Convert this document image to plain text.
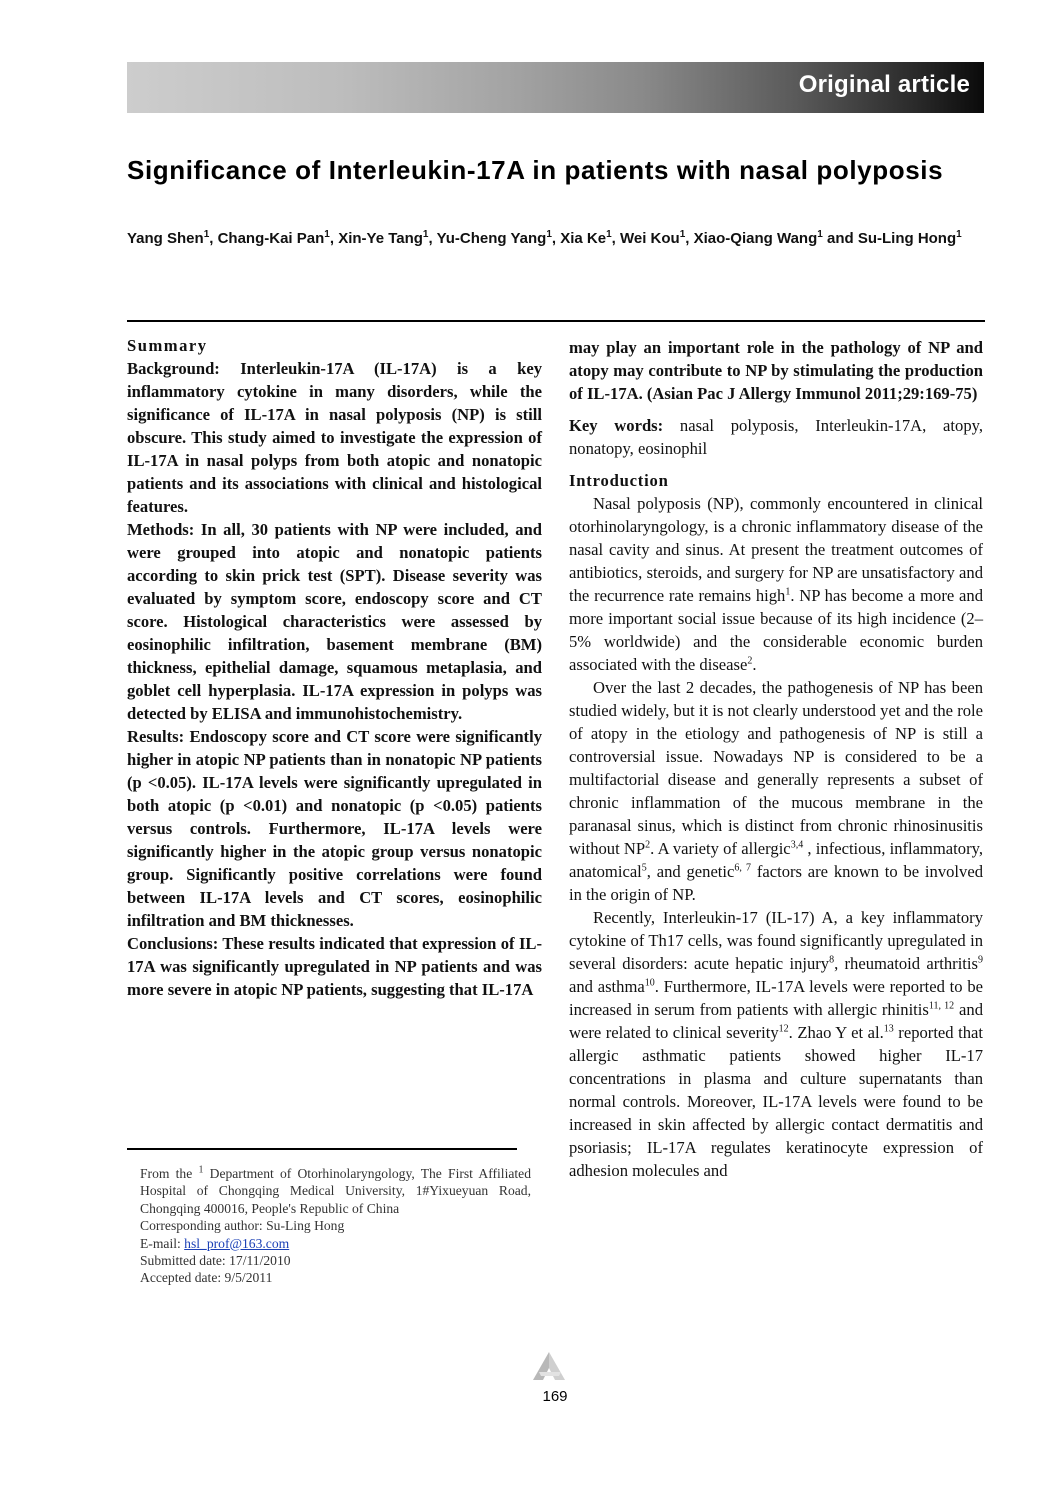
Original article
Significance of Interleukin-17A in patients with nasal polyposis
Yang Shen$^1$, Chang-Kai Pan$^1$, Xin-Ye Tang$^1$, Yu-Cheng Yang$^1$, Xia Ke$^1$, Wei Kou$^1$, Xiao-Qiang Wang$^1$ and Su-Ling Hong$^1$
Summary

Background: Interleukin-17A (IL-17A) is a key inflammatory cytokine in many disorders, while the significance of IL-17A in nasal polyposis (NP) is still obscure. This study aimed to investigate the expression of IL-17A in nasal polyps from both atopic and nonatopic patients and its associations with clinical and histological features.

Methods: In all, 30 patients with NP were included, and were grouped into atopic and nonatopic patients according to skin prick test (SPT). Disease severity was evaluated by symptom score, endoscopy score and CT score. Histological characteristics were assessed by eosinophilic infiltration, basement membrane (BM) thickness, epithelial damage, squamous metaplasia, and goblet cell hyperplasia. IL-17A expression in polyps was detected by ELISA and immunohistochemistry.

Results: Endoscopy score and CT score were significantly higher in atopic NP patients than in nonatopic NP patients (p <0.05). IL-17A levels were significantly upregulated in both atopic (p <0.01) and nonatopic (p <0.05) patients versus controls. Furthermore, IL-17A levels were significantly higher in the atopic group versus nonatopic group. Significantly positive correlations were found between IL-17A levels and CT scores, eosinophilic infiltration and BM thicknesses.

Conclusions: These results indicated that expression of IL-17A was significantly upregulated in NP patients and was more severe in atopic NP patients, suggesting that IL-17A

may play an important role in the pathology of NP and atopy may contribute to NP by stimulating the production of IL-17A. (Asian Pac J Allergy Immunol 2011;29:169-75)

Key words: nasal polyposis, Interleukin-17A, atopy, nonatopy, eosinophil

Introduction

Nasal polyposis (NP), commonly encountered in clinical otorhinolaryngology, is a chronic inflammatory disease of the nasal cavity and sinus. At present the treatment outcomes of antibiotics, steroids, and surgery for NP are unsatisfactory and the recurrence rate remains high$^1$. NP has become a more and more important social issue because of its high incidence (2–5% worldwide) and the considerable economic burden associated with the disease$^2$.

Over the last 2 decades, the pathogenesis of NP has been studied widely, but it is not clearly understood yet and the role of atopy in the etiology and pathogenesis of NP is still a controversial issue. Nowadays NP is considered to be a multifactorial disease and generally represents a subset of chronic inflammation of the mucous membrane in the paranasal sinus, which is distinct from chronic rhinosinusitis without $NP^2$. A variety of allergic$^{3,4}$ , infectious, inflammatory, anatomical$^5$, and genetic$^{6, 7}$ factors are known to be involved in the origin of NP.

Recently, Interleukin-17 (IL-17) A, a key inflammatory cytokine of Th17 cells, was found significantly upregulated in several disorders: acute hepatic injury$^8$, rheumatoid arthritis$^9$ and asthma$^{10}$. Furthermore, IL-17A levels were reported to be increased in serum from patients with allergic rhinitis$^{11, 12}$ and were related to clinical severity$^{12}$. Zhao Y et al.$^{13}$ reported that allergic asthmatic patients showed higher IL-17 concentrations in plasma and culture supernatants than normal controls. Moreover, IL-17A levels were found to be increased in skin affected by allergic contact dermatitis and psoriasis; IL-17A regulates keratinocyte expression of adhesion molecules and

From the $^1$ Department of Otorhinolaryngology, The First Affiliated Hospital of Chongqing Medical University, 1#Yixueyuan Road, Chongqing 400016, People's Republic of China

Corresponding author: Su-Ling Hong

E-mail: hsl_prof@163.com

Submitted date: 17/11/2010

Accepted date: 9/5/2011

169
